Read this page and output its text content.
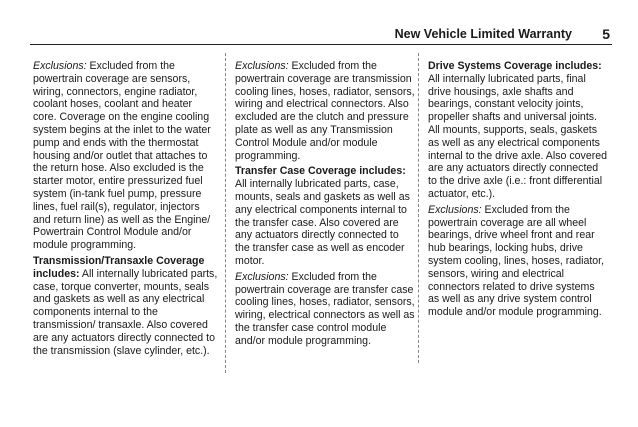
New Vehicle Limited Warranty 5

Exclusions: Excluded from the powertrain coverage are sensors, wiring, connectors, engine radiator, coolant hoses, coolant and heater core. Coverage on the engine cooling system begins at the inlet to the water pump and ends with the thermostat housing and/or outlet that attaches to the return hose. Also excluded is the starter motor, entire pressurized fuel system (in-tank fuel pump, pressure lines, fuel rail(s), regulator, injectors and return line) as well as the Engine/ Powertrain Control Module and/or module programming.

Transmission/Transaxle Coverage includes: All internally lubricated parts, case, torque converter, mounts, seals and gaskets as well as any electrical components internal to the transmission/ transaxle. Also covered are any actuators directly connected to the transmission (slave cylinder, etc.).

Exclusions: Excluded from the powertrain coverage are transmission cooling lines, hoses, radiator, sensors, wiring and electrical connectors. Also excluded are the clutch and pressure plate as well as any Transmission Control Module and/or module programming.

Transfer Case Coverage includes: All internally lubricated parts, case, mounts, seals and gaskets as well as any electrical components internal to the transfer case. Also covered are any actuators directly connected to the transfer case as well as encoder motor.

Exclusions: Excluded from the powertrain coverage are transfer case cooling lines, hoses, radiator, sensors, wiring, electrical connectors as well as the transfer case control module and/or module programming.

Drive Systems Coverage includes: All internally lubricated parts, final drive housings, axle shafts and bearings, constant velocity joints, propeller shafts and universal joints. All mounts, supports, seals, gaskets as well as any electrical components internal to the drive axle. Also covered are any actuators directly connected to the drive axle (i.e.: front differential actuator, etc.).

Exclusions: Excluded from the powertrain coverage are all wheel bearings, drive wheel front and rear hub bearings, locking hubs, drive system cooling, lines, hoses, radiator, sensors, wiring and electrical connectors related to drive systems as well as any drive system control module and/or module programming.
